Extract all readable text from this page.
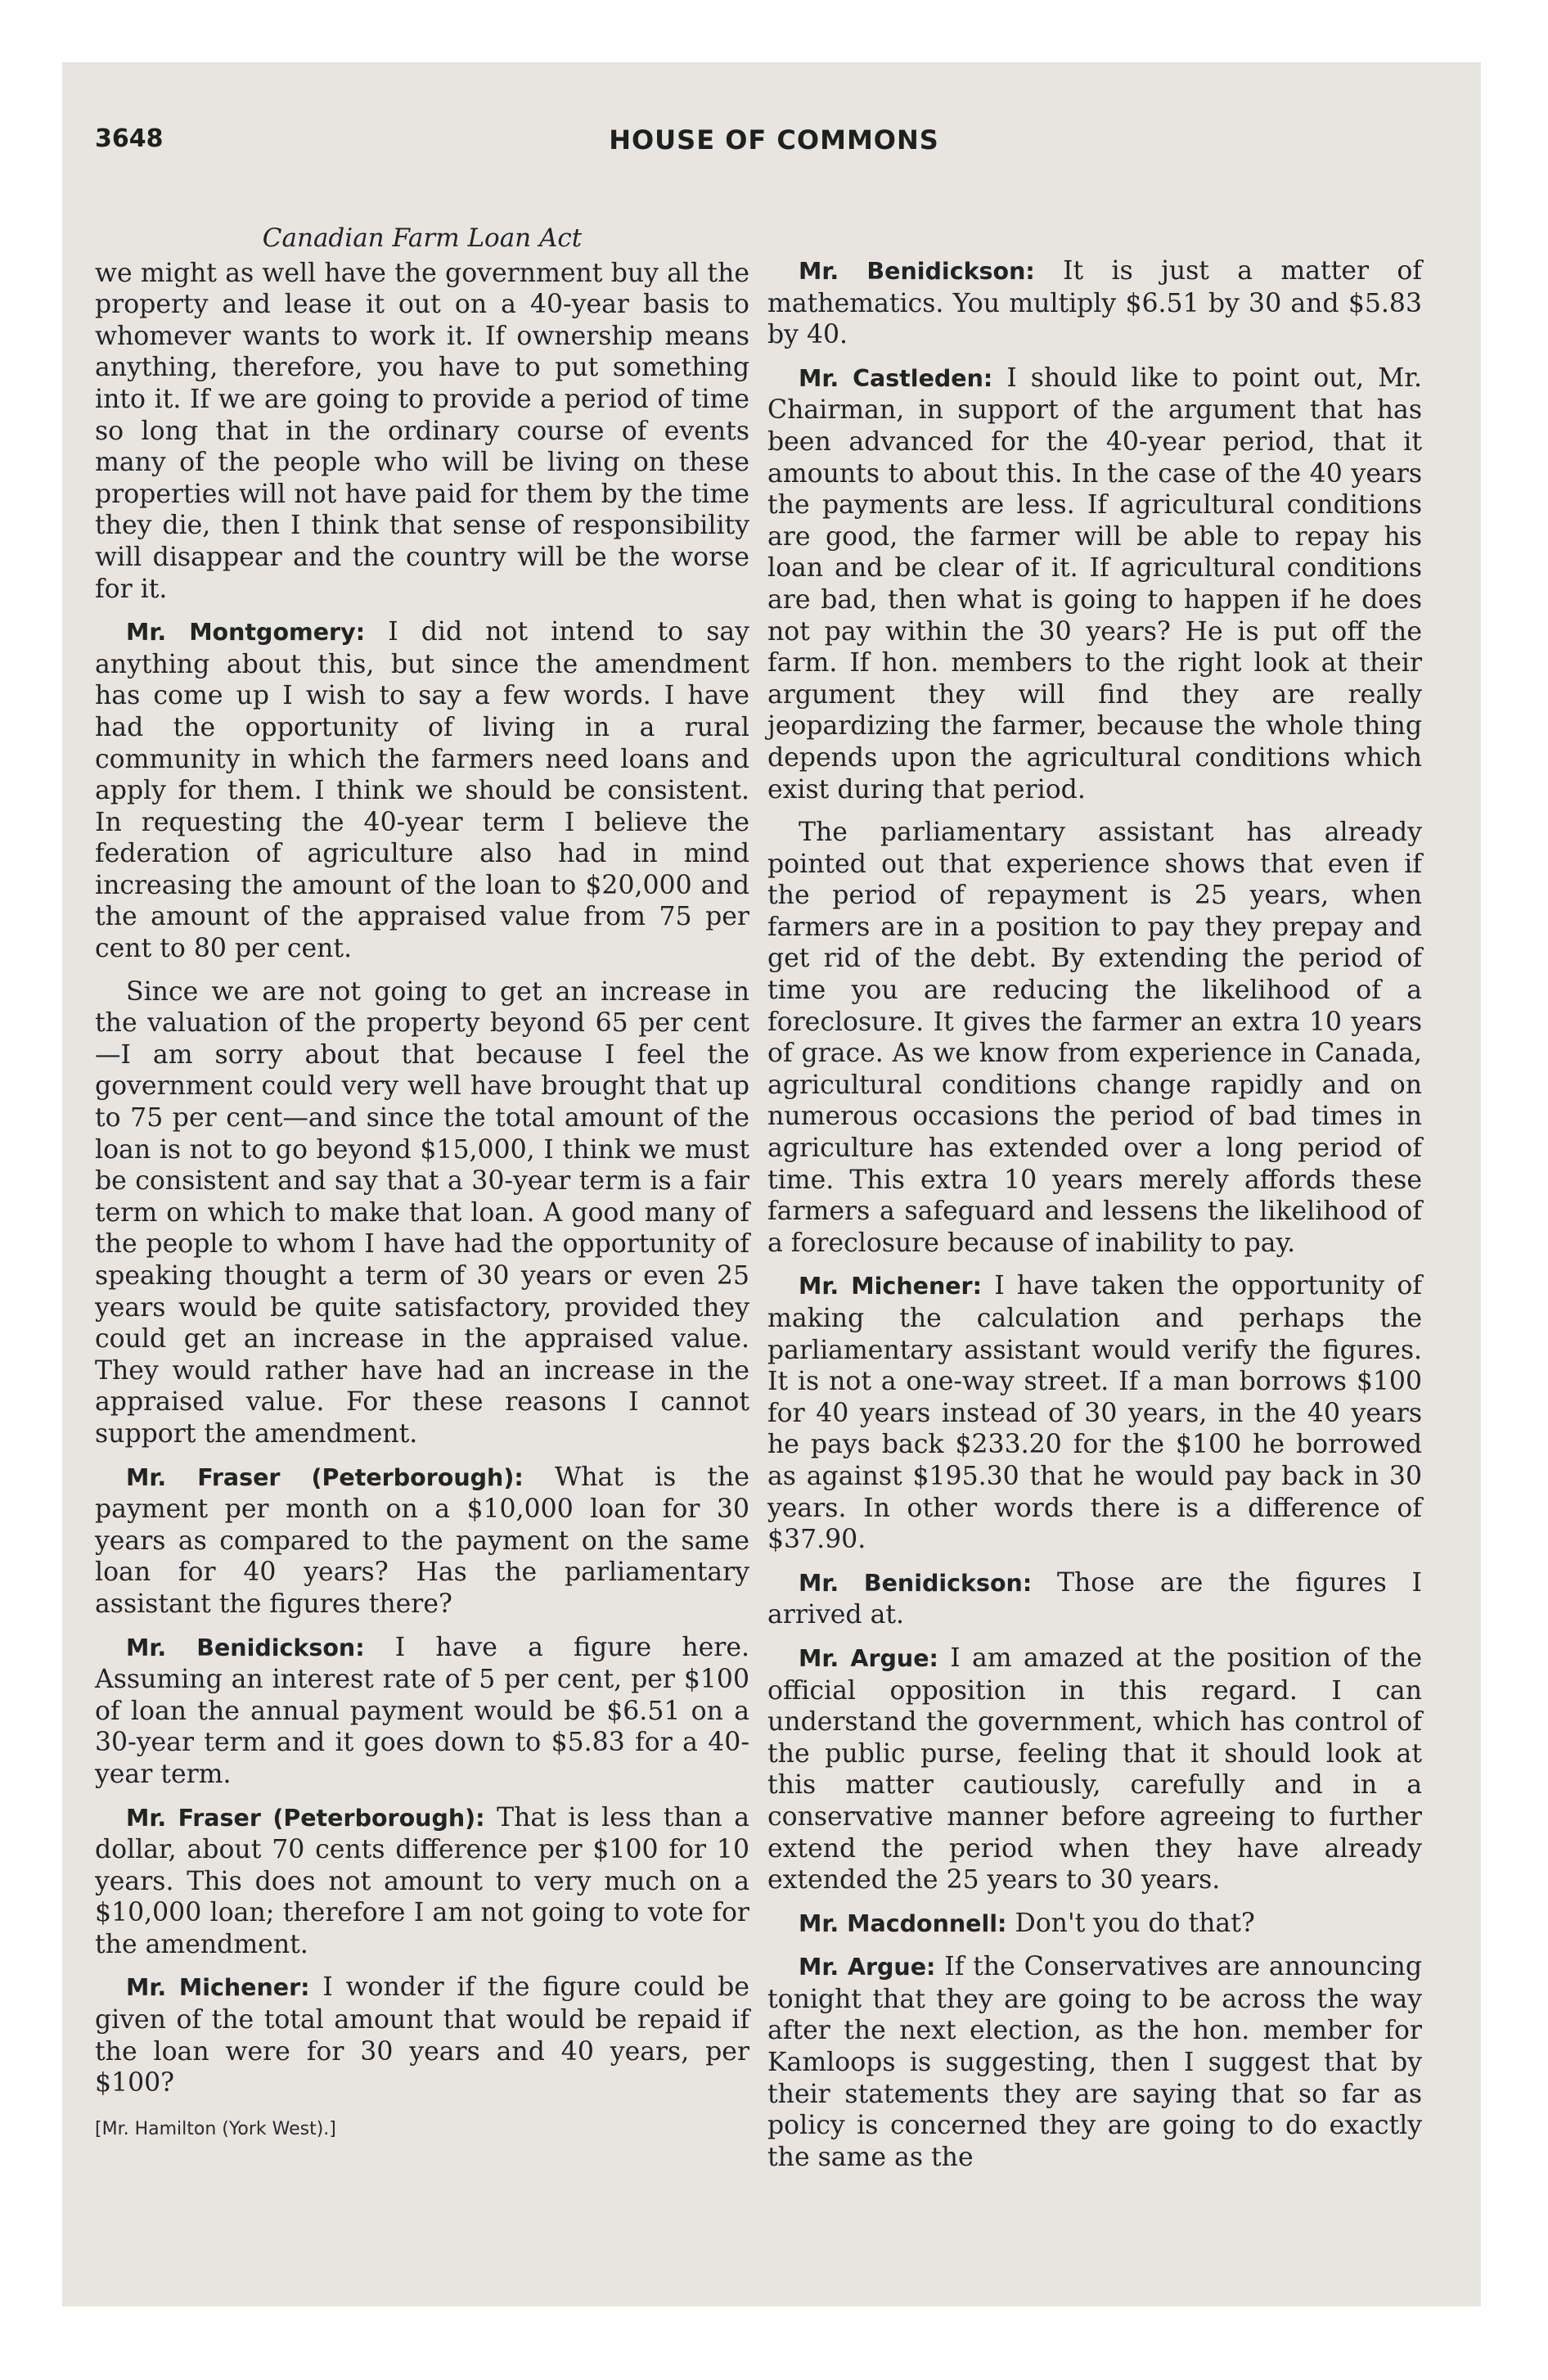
3648	HOUSE OF COMMONS
Canadian Farm Loan Act

we might as well have the government buy all the property and lease it out on a 40-year basis to whomever wants to work it. If ownership means anything, therefore, you have to put something into it. If we are going to provide a period of time so long that in the ordinary course of events many of the people who will be living on these properties will not have paid for them by the time they die, then I think that sense of responsibility will disappear and the country will be the worse for it.

Mr. Montgomery: I did not intend to say anything about this, but since the amendment has come up I wish to say a few words. I have had the opportunity of living in a rural community in which the farmers need loans and apply for them. I think we should be consistent. In requesting the 40-year term I believe the federation of agriculture also had in mind increasing the amount of the loan to $20,000 and the amount of the appraised value from 75 per cent to 80 per cent.

Since we are not going to get an increase in the valuation of the property beyond 65 per cent—I am sorry about that because I feel the government could very well have brought that up to 75 per cent—and since the total amount of the loan is not to go beyond $15,000, I think we must be consistent and say that a 30-year term is a fair term on which to make that loan. A good many of the people to whom I have had the opportunity of speaking thought a term of 30 years or even 25 years would be quite satisfactory, provided they could get an increase in the appraised value. They would rather have had an increase in the appraised value. For these reasons I cannot support the amendment.

Mr. Fraser (Peterborough): What is the payment per month on a $10,000 loan for 30 years as compared to the payment on the same loan for 40 years? Has the parliamentary assistant the figures there?

Mr. Benidickson: I have a figure here. Assuming an interest rate of 5 per cent, per $100 of loan the annual payment would be $6.51 on a 30-year term and it goes down to $5.83 for a 40-year term.

Mr. Fraser (Peterborough): That is less than a dollar, about 70 cents difference per $100 for 10 years. This does not amount to very much on a $10,000 loan; therefore I am not going to vote for the amendment.

Mr. Michener: I wonder if the figure could be given of the total amount that would be repaid if the loan were for 30 years and 40 years, per $100?

[Mr. Hamilton (York West).]

Mr. Benidickson: It is just a matter of mathematics. You multiply $6.51 by 30 and $5.83 by 40.

Mr. Castleden: I should like to point out, Mr. Chairman, in support of the argument that has been advanced for the 40-year period, that it amounts to about this. In the case of the 40 years the payments are less. If agricultural conditions are good, the farmer will be able to repay his loan and be clear of it. If agricultural conditions are bad, then what is going to happen if he does not pay within the 30 years? He is put off the farm. If hon. members to the right look at their argument they will find they are really jeopardizing the farmer, because the whole thing depends upon the agricultural conditions which exist during that period.

The parliamentary assistant has already pointed out that experience shows that even if the period of repayment is 25 years, when farmers are in a position to pay they prepay and get rid of the debt. By extending the period of time you are reducing the likelihood of a foreclosure. It gives the farmer an extra 10 years of grace. As we know from experience in Canada, agricultural conditions change rapidly and on numerous occasions the period of bad times in agriculture has extended over a long period of time. This extra 10 years merely affords these farmers a safeguard and lessens the likelihood of a foreclosure because of inability to pay.

Mr. Michener: I have taken the opportunity of making the calculation and perhaps the parliamentary assistant would verify the figures. It is not a one-way street. If a man borrows $100 for 40 years instead of 30 years, in the 40 years he pays back $233.20 for the $100 he borrowed as against $195.30 that he would pay back in 30 years. In other words there is a difference of $37.90.

Mr. Benidickson: Those are the figures I arrived at.

Mr. Argue: I am amazed at the position of the official opposition in this regard. I can understand the government, which has control of the public purse, feeling that it should look at this matter cautiously, carefully and in a conservative manner before agreeing to further extend the period when they have already extended the 25 years to 30 years.

Mr. Macdonnell: Don't you do that?

Mr. Argue: If the Conservatives are announcing tonight that they are going to be across the way after the next election, as the hon. member for Kamloops is suggesting, then I suggest that by their statements they are saying that so far as policy is concerned they are going to do exactly the same as the
